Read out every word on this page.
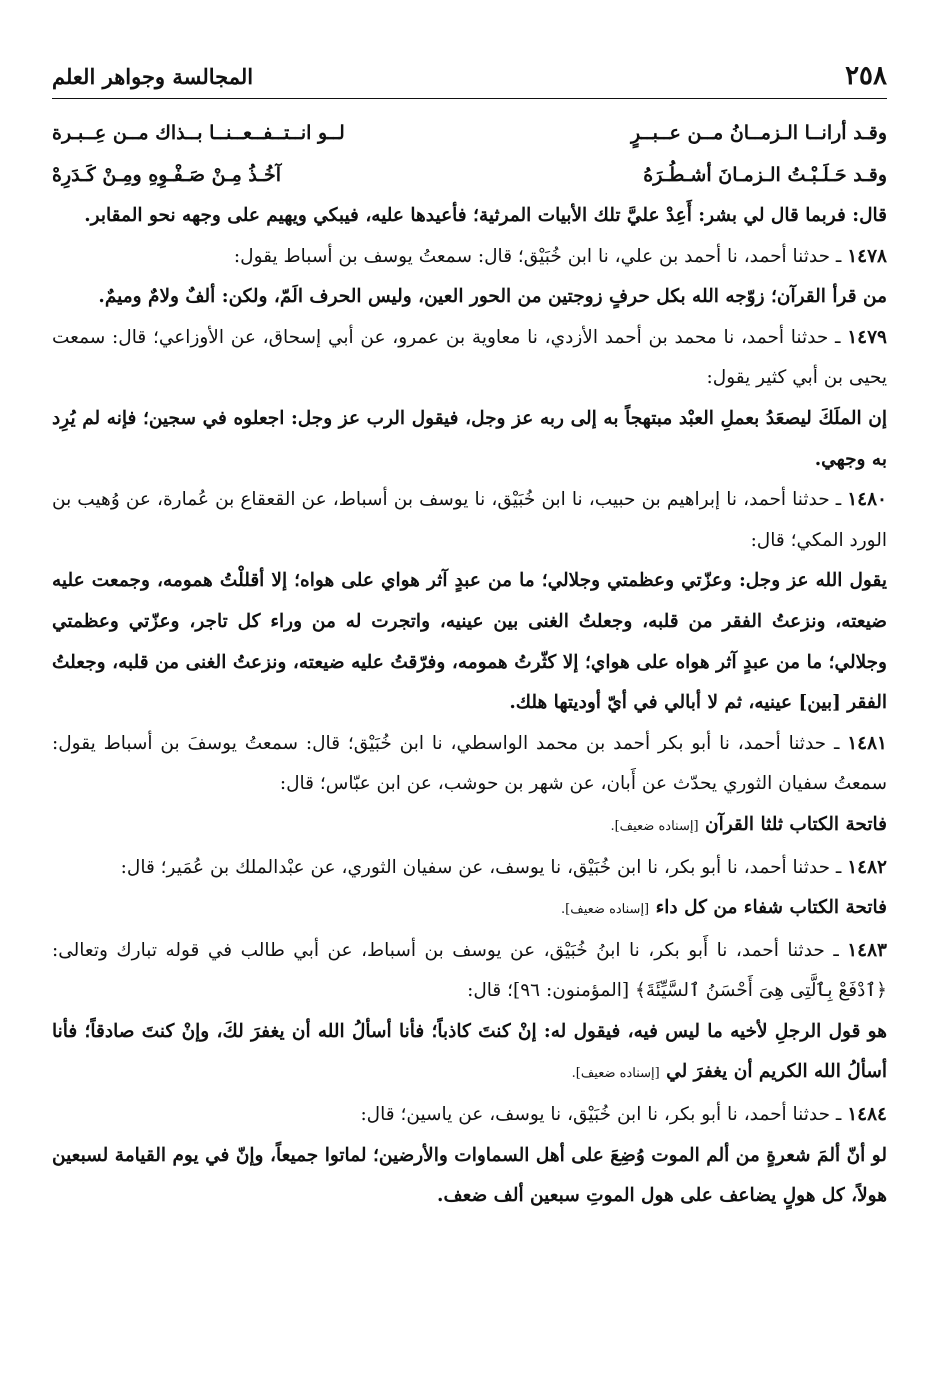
٢٥٨
المجالسة وجواهر العلم
وقـد أرانــا الـزمــانُ مــن عــبــرٍ
لــو انــتــفــعــنــا بــذاك مــن عِــبـرة
وقـد حَـلَـبْـتُ الـزمـانَ أشـطُـرَهُ
آخُـذُ مِـنْ صَـفْـوِهِ ومِـنْ كَـدَرِهْ

قال: فربما قال لي بشر: أَعِدْ عليَّ تلك الأبيات المرثية؛ فأعيدها عليه، فيبكي ويهيم على وجهه نحو المقابر.

١٤٧٨ ـ حدثنا أحمد، نا أحمد بن علي، نا ابن خُبَيْق؛ قال: سمعتُ يوسف بن أسباط يقول:

من قرأ القرآن؛ زوّجه الله بكل حرفٍ زوجتين من الحور العين، وليس الحرف الَمّ، ولكن: ألفٌ ولامٌ وميمٌ.

١٤٧٩ ـ حدثنا أحمد، نا محمد بن أحمد الأزدي، نا معاوية بن عمرو، عن أبي إسحاق، عن الأوزاعي؛ قال: سمعت يحيى بن أبي كثير يقول:

إن الملَكَ ليصعَدُ بعملِ العبْد مبتهجاً به إلى ربه عز وجل، فيقول الرب عز وجل: اجعلوه في سجين؛ فإنه لم يُرِد به وجهي.

١٤٨٠ ـ حدثنا أحمد، نا إبراهيم بن حبيب، نا ابن خُبَيْق، نا يوسف بن أسباط، عن القعقاع بن عُمارة، عن وُهيب بن الورد المكي؛ قال:

يقول الله عز وجل: وعزّتي وعظمتي وجلالي؛ ما من عبدٍ آثر هواي على هواه؛ إلا أقللْتُ همومه، وجمعت عليه ضيعته، ونزعتُ الفقر من قلبه، وجعلتُ الغنى بين عينيه، واتجرت له من وراء كل تاجر، وعزّتي وعظمتي وجلالي؛ ما من عبدٍ آثر هواه على هواي؛ إلا كثّرتُ همومه، وفرّقتُ عليه ضيعته، ونزعتُ الغنى من قلبه، وجعلتُ الفقر [بين] عينيه، ثم لا أبالي في أيّ أوديتها هلك.

١٤٨١ ـ حدثنا أحمد، نا أبو بكر أحمد بن محمد الواسطي، نا ابن خُبَيْق؛ قال: سمعتُ يوسفَ بن أسباط يقول: سمعتُ سفيان الثوري يحدّث عن أَبان، عن شهر بن حوشب، عن ابن عبّاس؛ قال:

فاتحة الكتاب ثلثا القرآن [إسناده ضعيف].

١٤٨٢ ـ حدثنا أحمد، نا أبو بكر، نا ابن خُبَيْق، نا يوسف، عن سفيان الثوري، عن عبْدالملك بن عُمَير؛ قال:

فاتحة الكتاب شفاء من كل داء [إسناده ضعيف].

١٤٨٣ ـ حدثنا أحمد، نا أَبو بكر، نا ابنُ خُبَيْق، عن يوسف بن أسباط، عن أبي طالب في قوله تبارك وتعالى: ﴿ٱدْفَعْ بِٱلَّتِى هِىَ أَحْسَنُ ٱلسَّيِّئَةَ﴾ [المؤمنون: ٩٦]؛ قال:

هو قول الرجلِ لأخيه ما ليس فيه، فيقول له: إنْ كنتَ كاذباً؛ فأنا أسألُ الله أن يغفرَ لكَ، وإنْ كنتَ صادقاً؛ فأنا أسألُ الله الكريم أن يغفرَ لي [إسناده ضعيف].

١٤٨٤ ـ حدثنا أحمد، نا أبو بكر، نا ابن خُبَيْق، نا يوسف، عن ياسين؛ قال:

لو أنّ ألمَ شعرةٍ من ألم الموت وُضِعَ على أهل السماوات والأرضين؛ لماتوا جميعاً، وإنّ في يوم القيامة لسبعين هولاً، كل هولٍ يضاعف على هول الموتِ سبعين ألف ضعف.
